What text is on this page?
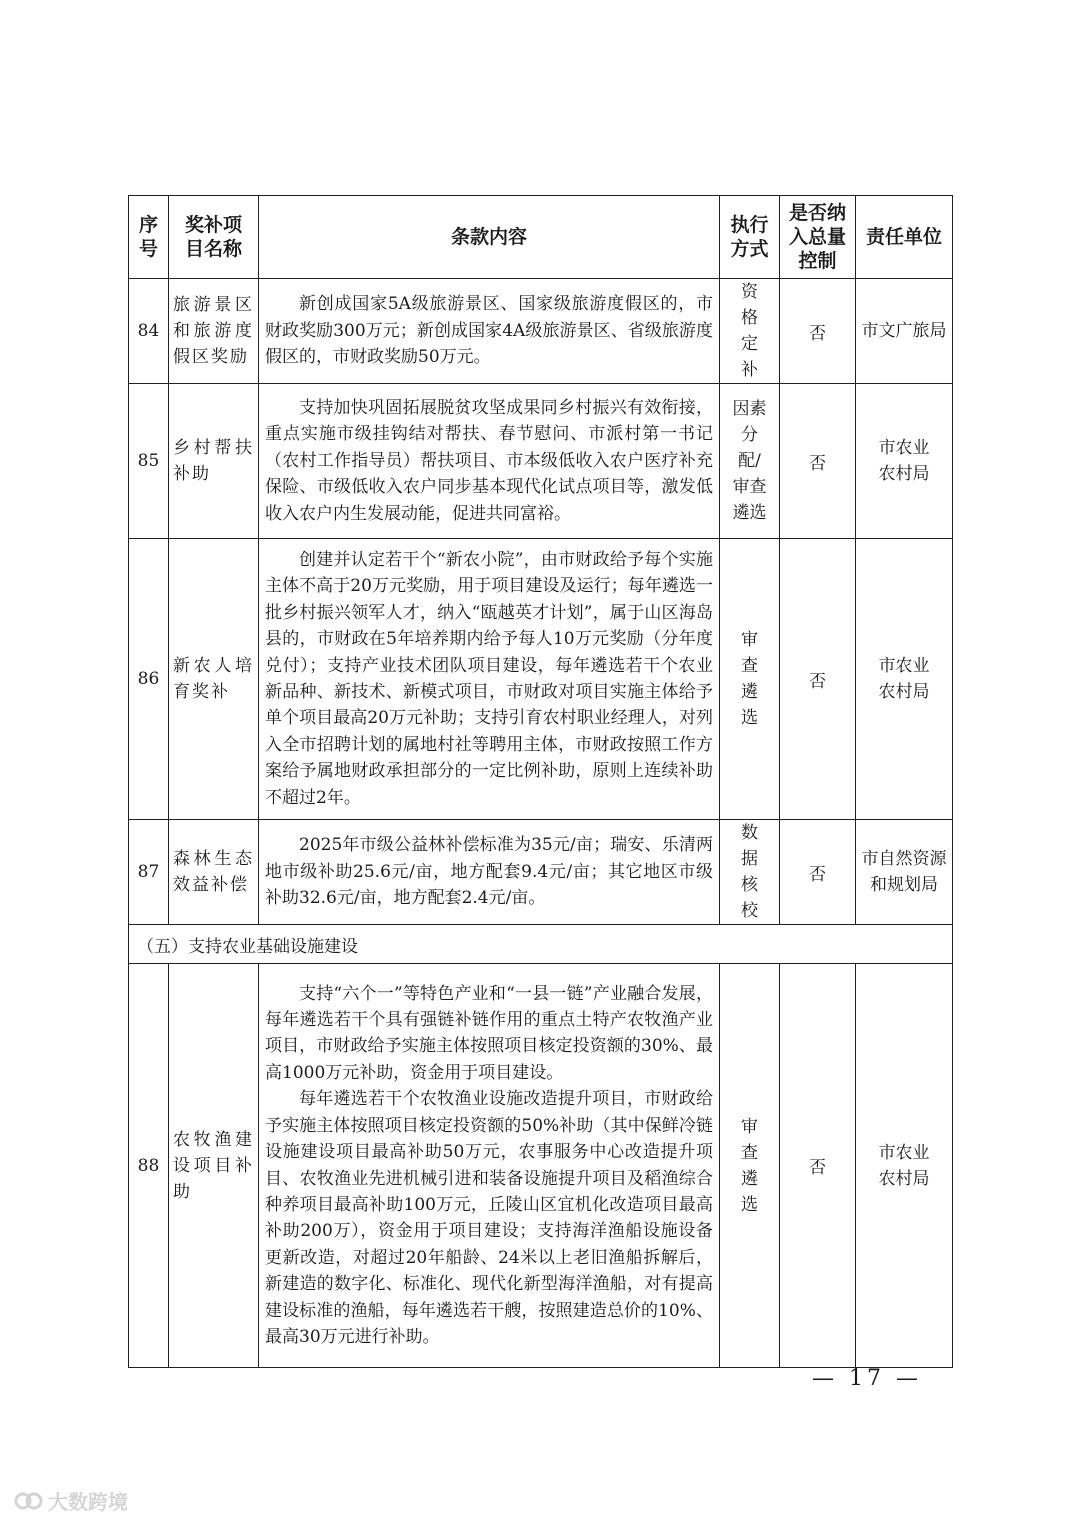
序号	奖补项目名称	条款内容	执行方式	是否纳入总量控制	责任单位
84	旅游景区和旅游度假区奖励	新创成国家5A级旅游景区、国家级旅游度假区的，市财政奖励300万元；新创成国家4A级旅游景区、省级旅游度假区的，市财政奖励50万元。	资格定补	否	市文广旅局
85	乡村帮扶补助	支持加快巩固拓展脱贫攻坚成果同乡村振兴有效衔接，重点实施市级挂钩结对帮扶、春节慰问、市派村第一书记（农村工作指导员）帮扶项目、市本级低收入农户医疗补充保险、市级低收入农户同步基本现代化试点项目等，激发低收入农户内生发展动能，促进共同富裕。	因素分配/审查遴选	否	市农业农村局
86	新农人培育奖补	创建并认定若干个“新农小院”，由市财政给予每个实施主体不高于20万元奖励，用于项目建设及运行；每年遴选一批乡村振兴领军人才，纳入“瓯越英才计划”，属于山区海岛县的，市财政在5年培养期内给予每人10万元奖励（分年度兑付）；支持产业技术团队项目建设，每年遴选若干个农业新品种、新技术、新模式项目，市财政对项目实施主体给予单个项目最高20万元补助；支持引育农村职业经理人，对列入全市招聘计划的属地村社等聘用主体，市财政按照工作方案给予属地财政承担部分的一定比例补助，原则上连续补助不超过2年。	审查遴选	否	市农业农村局
87	森林生态效益补偿	2025年市级公益林补偿标准为35元/亩；瑞安、乐清两地市级补助25.6元/亩，地方配套9.4元/亩；其它地区市级补助32.6元/亩，地方配套2.4元/亩。	数据核校	否	市自然资源和规划局
（五）支持农业基础设施建设					
88	农牧渔建设项目补助	支持“六个一”等特色产业和“一县一链”产业融合发展，每年遴选若干个具有强链补链作用的重点土特产农牧渔产业项目，市财政给予实施主体按照项目核定投资额的30%、最高1000万元补助，资金用于项目建设。

每年遴选若干个农牧渔业设施改造提升项目，市财政给予实施主体按照项目核定投资额的50%补助（其中保鲜冷链设施建设项目最高补助50万元，农事服务中心改造提升项目、农牧渔业先进机械引进和装备设施提升项目及稻渔综合种养项目最高补助100万元，丘陵山区宜机化改造项目最高补助200万），资金用于项目建设；支持海洋渔船设施设备更新改造，对超过20年船龄、24米以上老旧渔船拆解后，新建造的数字化、标准化、现代化新型海洋渔船，对有提高建设标准的渔船，每年遴选若干艘，按照建造总价的10%、最高30万元进行补助。	审查遴选	否	市农业农村局
— 17 —
大数跨境
